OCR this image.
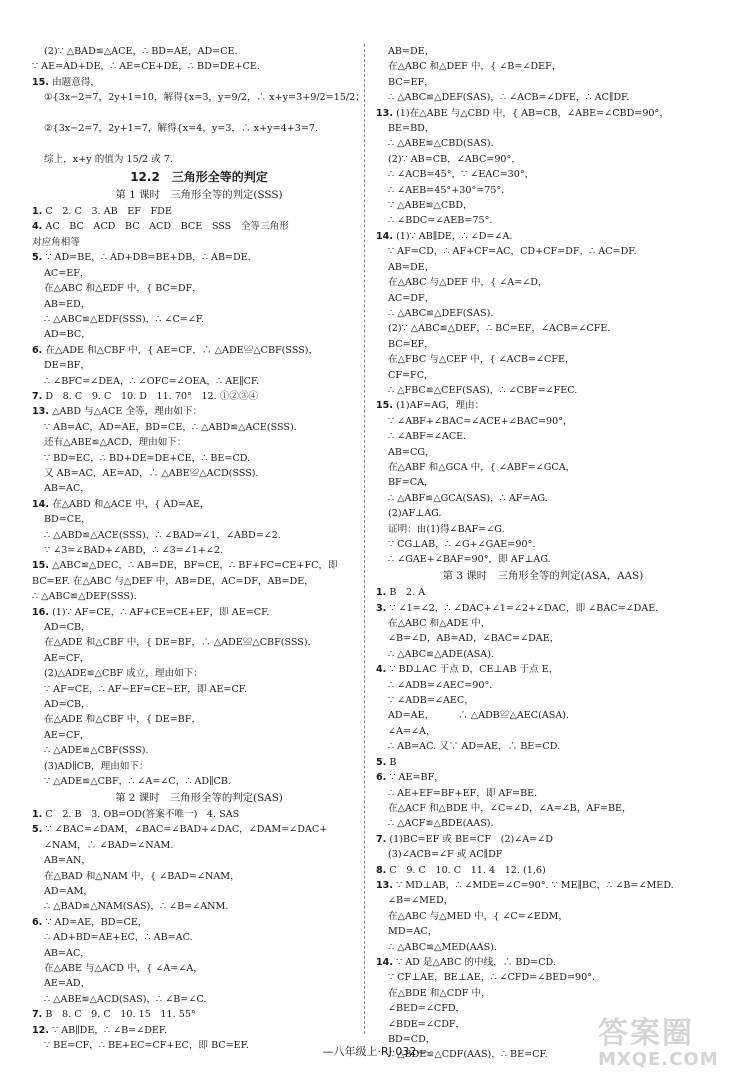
(2)∵ △BAD≌△ACE，∴ BD=AE，AD=CE.
∵ AE=AD+DE，∴ AE=CE+DE，∴ BD=DE+CE.
15. 由题意得，
①{3x−2=7，2y+1=10，解得{x=3，y=9/2，∴ x+y=3+9/2=15/2；

②{3x−2=7，2y+1=7，解得{x=4，y=3，∴ x+y=4+3=7.

综上，x+y 的值为 15/2 或 7.
12.2　三角形全等的判定
第 1 课时　三角形全等的判定(SSS)
1. C　2. C　3. AB　EF　FDE
4. AC　BC　ACD　BC　ACD　BCE　SSS　全等三角形
对应角相等
5. ∵ AD=BE，∴ AD+DB=BE+DB，∴ AB=DE.
AC=EF，
在△ABC 和△EDF 中，{ BC=DF，
AB=ED，
∴ △ABC≌△EDF(SSS)，∴ ∠C=∠F.
AD=BC，
6. 在△ADE 和△CBF 中，{ AE=CF，∴ △ADE≌△CBF(SSS)，
DE=BF，
∴ ∠BFC=∠DEA，∴ ∠OFC=∠OEA，∴ AE∥CF.
7. D　8. C　9. C　10. D　11. 70°　12. ①②③④
13. △ABD 与△ACE 全等，理由如下：
∵ AB=AC，AD=AE，BD=CE，∴ △ABD≌△ACE(SSS).
还有△ABE≌△ACD，理由如下：
∵ BD=EC，∴ BD+DE=DE+CE，∴ BE=CD.
又 AB=AC，AE=AD，∴ △ABE≌△ACD(SSS).
AB=AC，
14. 在△ABD 和△ACE 中，{ AD=AE，
BD=CE，
∴ △ABD≌△ACE(SSS)，∴ ∠BAD=∠1，∠ABD=∠2.
∵ ∠3=∠BAD+∠ABD，∴ ∠3=∠1+∠2.
15. △ABC≌△DEC，∴ AB=DE，BF=CE，∴ BF+FC=CE+FC，即
BC=EF. 在△ABC 与△DEF 中，AB=DE，AC=DF，AB=DE，
∴ △ABC≌△DEF(SSS).
16. (1)∵ AF=CE，∴ AF+CE=CE+EF，即 AE=CF.
AD=CB，
在△ADE 和△CBF 中，{ DE=BF，∴ △ADE≌△CBF(SSS).
AE=CF，
(2)△ADE≌△CBF 成立，理由如下：
∵ AF=CE，∴ AF−EF=CE−EF，即 AE=CF.
AD=CB，
在△ADE 和△CBF 中，{ DE=BF，
AE=CF，
∴ △ADE≌△CBF(SSS).
(3)AD∥CB，理由如下：
∵ △ADE≌△CBF，∴ ∠A=∠C，∴ AD∥CB.
第 2 课时　三角形全等的判定(SAS)
1. C　2. B　3. OB=OD(答案不唯一)　4. SAS
5. ∵ ∠BAC=∠DAM，∠BAC=∠BAD+∠DAC，∠DAM=∠DAC+
∠NAM，∴ ∠BAD=∠NAM.
AB=AN，
在△BAD 和△NAM 中，{ ∠BAD=∠NAM，
AD=AM，
∴ △BAD≌△NAM(SAS)，∴ ∠B=∠ANM.
6. ∵ AD=AE，BD=CE，
∴ AD+BD=AE+EC，∴ AB=AC.
AB=AC，
在△ABE 与△ACD 中，{ ∠A=∠A，
AE=AD，
∴ △ABE≌△ACD(SAS)，∴ ∠B=∠C.
7. B　8. C　9. C　10. 15　11. 55°
12. ∵ AB∥DE，∴ ∠B=∠DEF.
∵ BE=CF，∴ BE+EC=CF+EC，即 BC=EF.
AB=DE，
在△ABC 和△DEF 中，{ ∠B=∠DEF，
BC=EF，
∴ △ABC≌△DEF(SAS)，∴ ∠ACB=∠DFE，∴ AC∥DF.
13. (1)在△ABE 与△CBD 中，{ AB=CB，∠ABE=∠CBD=90°，
BE=BD，
∴ △ABE≌△CBD(SAS).
(2)∵ AB=CB，∠ABC=90°，
∴ ∠ACB=45°，∵ ∠EAC=30°，
∴ ∠AEB=45°+30°=75°.
∵ △ABE≌△CBD，
∴ ∠BDC=∠AEB=75°.
14. (1)∵ AB∥DE，∴ ∠D=∠A.
∵ AF=CD，∴ AF+CF=AC，CD+CF=DF，∴ AC=DF.
AB=DE，
在△ABC 与△DEF 中，{ ∠A=∠D，
AC=DF，
∴ △ABC≌△DEF(SAS).
(2)∵ △ABC≌△DEF，∴ BC=EF，∠ACB=∠CFE.
BC=EF，
在△FBC 与△CEF 中，{ ∠ACB=∠CFE，
CF=FC，
∴ △FBC≌△CEF(SAS)，∴ ∠CBF=∠FEC.
15. (1)AF=AG，理由：
∵ ∠ABF+∠BAC=∠ACE+∠BAC=90°，
∴ ∠ABF=∠ACE.
AB=CG，
在△ABF 和△GCA 中，{ ∠ABF=∠GCA，
BF=CA，
∴ △ABF≌△GCA(SAS)，∴ AF=AG.
(2)AF⊥AG.
证明：由(1)得∠BAF=∠G.
∵ CG⊥AB，∴ ∠G+∠GAE=90°.
∴ ∠GAE+∠BAF=90°，即 AF⊥AG.
第 3 课时　三角形全等的判定(ASA，AAS)
1. B　2. A
3. ∵ ∠1=∠2，∴ ∠DAC+∠1=∠2+∠DAC，即 ∠BAC=∠DAE.
在△ABC 和△ADE 中，
∠B=∠D，AB=AD，∠BAC=∠DAE，
∴ △ABC≌△ADE(ASA).
4. ∵ BD⊥AC 于点 D，CE⊥AB 于点 E，
∴ ∠ADB=∠AEC=90°.
∵ ∠ADB=∠AEC，
AD=AE，　　　∴ △ADB≌△AEC(ASA).
∠A=∠A，
∴ AB=AC. 又∵ AD=AE，∴ BE=CD.
5. B
6. ∵ AE=BF，
∴ AE+EF=BF+EF，即 AF=BE.
在△ACF 和△BDE 中，∠C=∠D，∠A=∠B，AF=BE，
∴ △ACF≌△BDE(AAS).
7. (1)BC=EF 或 BE=CF　(2)∠A=∠D
(3)∠ACB=∠F 或 AC∥DF
8. C　9. C　10. C　11. 4　12. (1,6)
13. ∵ MD⊥AB，∴ ∠MDE=∠C=90°. ∵ ME∥BC，∴ ∠B=∠MED.
∠B=∠MED，
在△ABC 与△MED 中，{ ∠C=∠EDM，
MD=AC，
∴ △ABC≌△MED(AAS).
14. ∵ AD 是△ABC 的中线，∴ BD=CD.
∵ CF⊥AE，BE⊥AE，∴ ∠CFD=∠BED=90°.
在△BDE 和△CDF 中，
∠BED=∠CFD，
∠BDE=∠CDF，
BD=CD，
∴ △BDE≌△CDF(AAS)，∴ BE=CF.
—八年级上·RJ·032—
答案圈
MXQE.COM
